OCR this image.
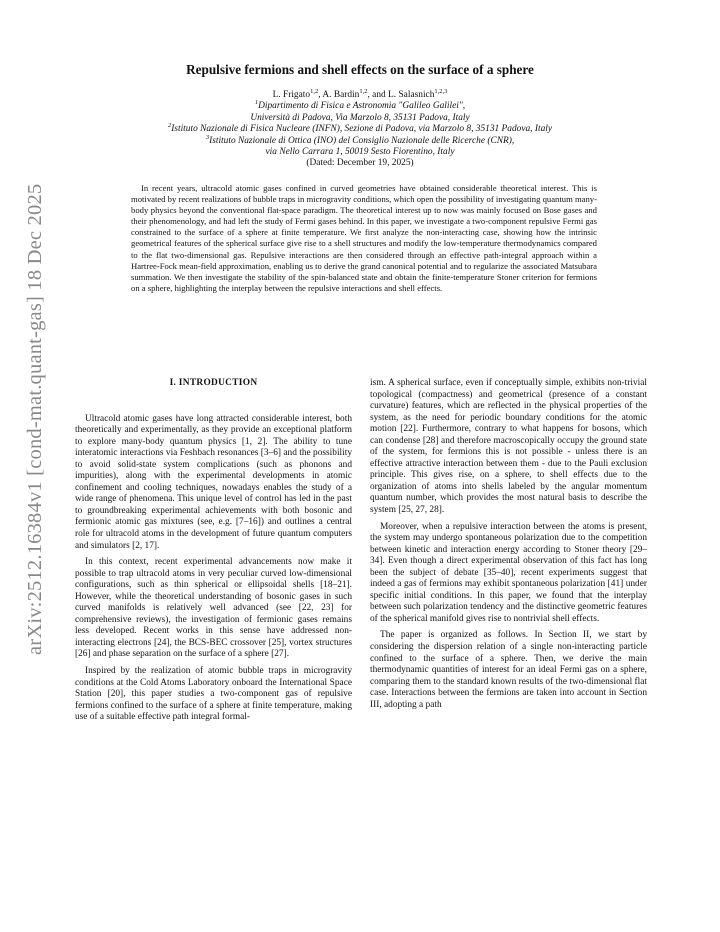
arXiv:2512.16384v1 [cond-mat.quant-gas] 18 Dec 2025
Repulsive fermions and shell effects on the surface of a sphere
L. Frigato$^{1,2}$, A. Bardin$^{1,2}$, and L. Salasnich$^{1,2,3}$
$^1$Dipartimento di Fisica e Astronomia "Galileo Galilei",
Università di Padova, Via Marzolo 8, 35131 Padova, Italy
$^2$Istituto Nazionale di Fisica Nucleare (INFN), Sezione di Padova, via Marzolo 8, 35131 Padova, Italy
$^3$Istituto Nazionale di Ottica (INO) del Consiglio Nazionale delle Ricerche (CNR),
via Nello Carrara 1, 50019 Sesto Fiorentino, Italy
(Dated: December 19, 2025)
In recent years, ultracold atomic gases confined in curved geometries have obtained considerable theoretical interest. This is motivated by recent realizations of bubble traps in microgravity conditions, which open the possibility of investigating quantum many-body physics beyond the conventional flat-space paradigm. The theoretical interest up to now was mainly focused on Bose gases and their phenomenology, and had left the study of Fermi gases behind. In this paper, we investigate a two-component repulsive Fermi gas constrained to the surface of a sphere at finite temperature. We first analyze the non-interacting case, showing how the intrinsic geometrical features of the spherical surface give rise to a shell structures and modify the low-temperature thermodynamics compared to the flat two-dimensional gas. Repulsive interactions are then considered through an effective path-integral approach within a Hartree-Fock mean-field approximation, enabling us to derive the grand canonical potential and to regularize the associated Matsubara summation. We then investigate the stability of the spin-balanced state and obtain the finite-temperature Stoner criterion for fermions on a sphere, highlighting the interplay between the repulsive interactions and shell effects.
I. INTRODUCTION

Ultracold atomic gases have long attracted considerable interest, both theoretically and experimentally, as they provide an exceptional platform to explore many-body quantum physics [1, 2]. The ability to tune interatomic interactions via Feshbach resonances [3–6] and the possibility to avoid solid-state system complications (such as phonons and impurities), along with the experimental developments in atomic confinement and cooling techniques, nowadays enables the study of a wide range of phenomena. This unique level of control has led in the past to groundbreaking experimental achievements with both bosonic and fermionic atomic gas mixtures (see, e.g. [7–16]) and outlines a central role for ultracold atoms in the development of future quantum computers and simulators [2, 17].

In this context, recent experimental advancements now make it possible to trap ultracold atoms in very peculiar curved low-dimensional configurations, such as thin spherical or ellipsoidal shells [18–21]. However, while the theoretical understanding of bosonic gases in such curved manifolds is relatively well advanced (see [22, 23] for comprehensive reviews), the investigation of fermionic gases remains less developed. Recent works in this sense have addressed non-interacting electrons [24], the BCS-BEC crossover [25], vortex structures [26] and phase separation on the surface of a sphere [27].

Inspired by the realization of atomic bubble traps in microgravity conditions at the Cold Atoms Laboratory onboard the International Space Station [20], this paper studies a two-component gas of repulsive fermions confined to the surface of a sphere at finite temperature, making use of a suitable effective path integral formal-

ism. A spherical surface, even if conceptually simple, exhibits non-trivial topological (compactness) and geometrical (presence of a constant curvature) features, which are reflected in the physical properties of the system, as the need for periodic boundary conditions for the atomic motion [22]. Furthermore, contrary to what happens for bosons, which can condense [28] and therefore macroscopically occupy the ground state of the system, for fermions this is not possible - unless there is an effective attractive interaction between them - due to the Pauli exclusion principle. This gives rise, on a sphere, to shell effects due to the organization of atoms into shells labeled by the angular momentum quantum number, which provides the most natural basis to describe the system [25, 27, 28].

Moreover, when a repulsive interaction between the atoms is present, the system may undergo spontaneous polarization due to the competition between kinetic and interaction energy according to Stoner theory [29–34]. Even though a direct experimental observation of this fact has long been the subject of debate [35–40], recent experiments suggest that indeed a gas of fermions may exhibit spontaneous polarization [41] under specific initial conditions. In this paper, we found that the interplay between such polarization tendency and the distinctive geometric features of the spherical manifold gives rise to nontrivial shell effects.

The paper is organized as follows. In Section II, we start by considering the dispersion relation of a single non-interacting particle confined to the surface of a sphere. Then, we derive the main thermodynamic quantities of interest for an ideal Fermi gas on a sphere, comparing them to the standard known results of the two-dimensional flat case. Interactions between the fermions are taken into account in Section III, adopting a path
